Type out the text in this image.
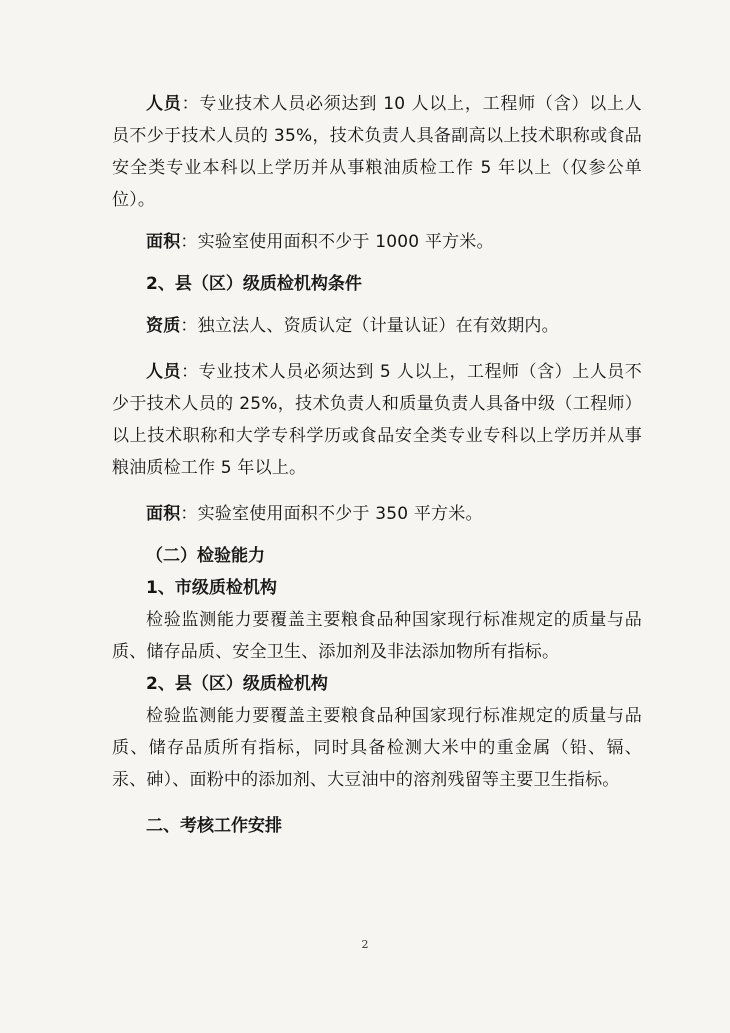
人员：专业技术人员必须达到 10 人以上，工程师（含）以上人员不少于技术人员的 35%，技术负责人具备副高以上技术职称或食品安全类专业本科以上学历并从事粮油质检工作 5 年以上（仅参公单位）。

面积：实验室使用面积不少于 1000 平方米。

2、县（区）级质检机构条件

资质：独立法人、资质认定（计量认证）在有效期内。

人员：专业技术人员必须达到 5 人以上，工程师（含）上人员不少于技术人员的 25%，技术负责人和质量负责人具备中级（工程师）以上技术职称和大学专科学历或食品安全类专业专科以上学历并从事粮油质检工作 5 年以上。

面积：实验室使用面积不少于 350 平方米。

（二）检验能力

1、市级质检机构

检验监测能力要覆盖主要粮食品种国家现行标准规定的质量与品质、储存品质、安全卫生、添加剂及非法添加物所有指标。

2、县（区）级质检机构

检验监测能力要覆盖主要粮食品种国家现行标准规定的质量与品质、储存品质所有指标，同时具备检测大米中的重金属（铅、镉、汞、砷）、面粉中的添加剂、大豆油中的溶剂残留等主要卫生指标。

二、考核工作安排

2
